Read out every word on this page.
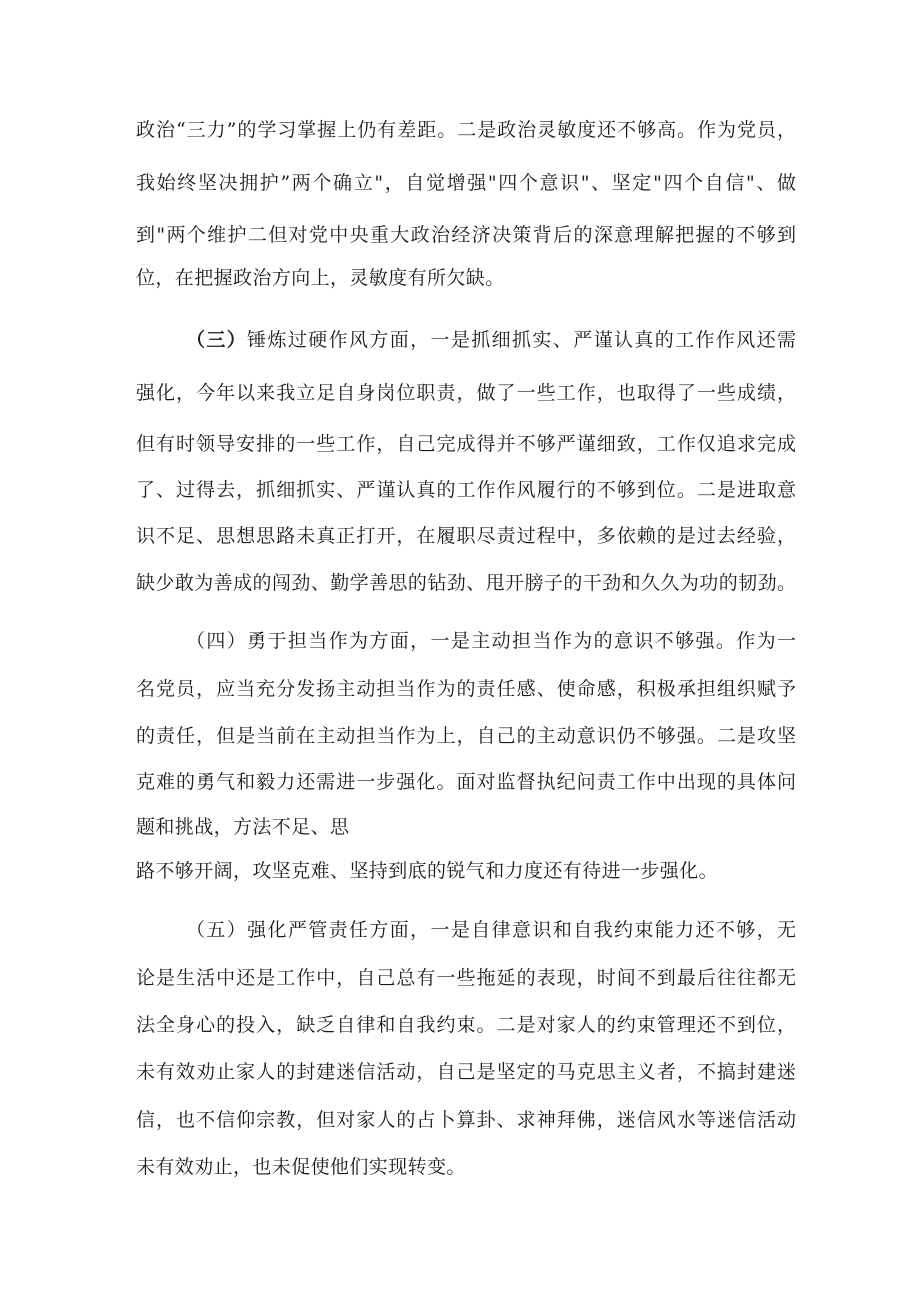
政治“三力”的学习掌握上仍有差距。二是政治灵敏度还不够高。作为党员，
我始终坚决拥护”两个确立"，自觉增强"四个意识"、坚定"四个自信"、做
到"两个维护二但对党中央重大政治经济决策背后的深意理解把握的不够到
位，在把握政治方向上，灵敏度有所欠缺。
（三）锤炼过硬作风方面，一是抓细抓实、严谨认真的工作作风还需
强化，今年以来我立足自身岗位职责，做了一些工作，也取得了一些成绩，
但有时领导安排的一些工作，自己完成得并不够严谨细致，工作仅追求完成
了、过得去，抓细抓实、严谨认真的工作作风履行的不够到位。二是进取意
识不足、思想思路未真正打开，在履职尽责过程中，多依赖的是过去经验，
缺少敢为善成的闯劲、勤学善思的钻劲、甩开膀子的干劲和久久为功的韧劲。
（四）勇于担当作为方面，一是主动担当作为的意识不够强。作为一
名党员，应当充分发扬主动担当作为的责任感、使命感，积极承担组织赋予
的责任，但是当前在主动担当作为上，自己的主动意识仍不够强。二是攻坚
克难的勇气和毅力还需进一步强化。面对监督执纪问责工作中出现的具体问
题和挑战，方法不足、思
路不够开阔，攻坚克难、坚持到底的锐气和力度还有待进一步强化。
（五）强化严管责任方面，一是自律意识和自我约束能力还不够，无
论是生活中还是工作中，自己总有一些拖延的表现，时间不到最后往往都无
法全身心的投入，缺乏自律和自我约束。二是对家人的约束管理还不到位，
未有效劝止家人的封建迷信活动，自己是坚定的马克思主义者，不搞封建迷
信，也不信仰宗教，但对家人的占卜算卦、求神拜佛，迷信风水等迷信活动
未有效劝止，也未促使他们实现转变。
